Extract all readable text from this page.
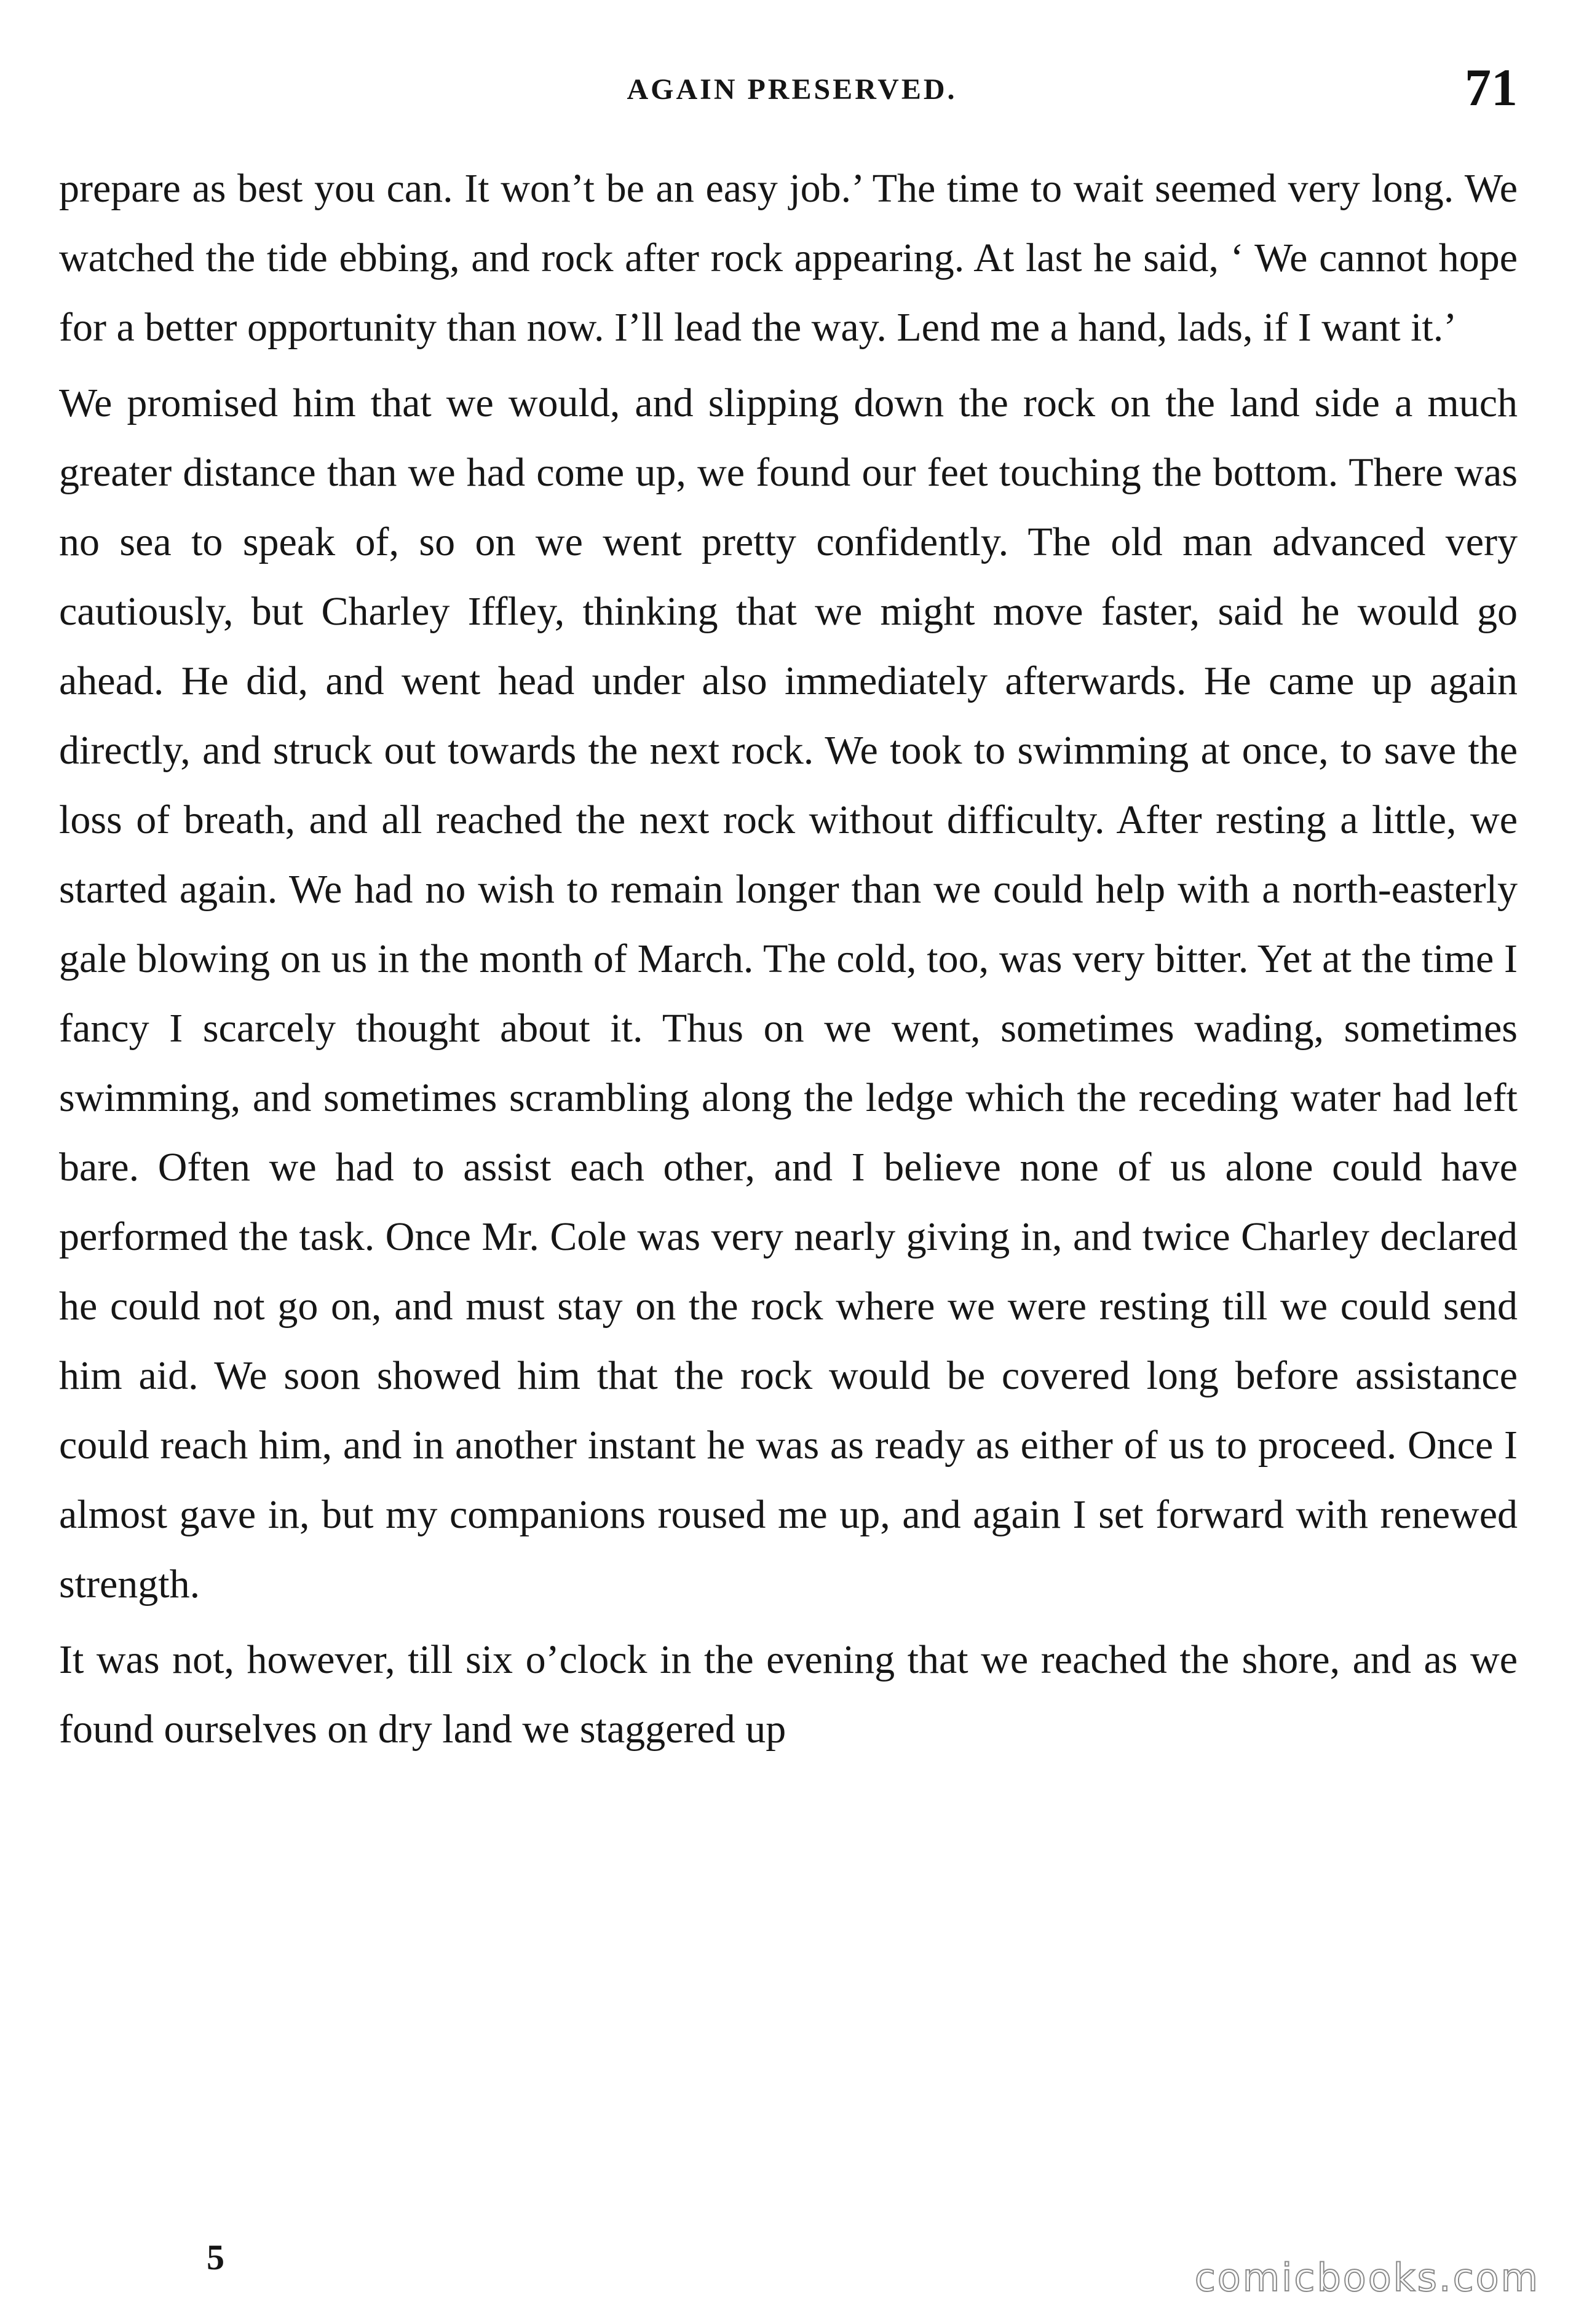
AGAIN PRESERVED.	71

prepare as best you can. It won’t be an easy job.’ The time to wait seemed very long. We watched the tide ebbing, and rock after rock appearing. At last he said, ‘ We cannot hope for a better opportunity than now. I’ll lead the way. Lend me a hand, lads, if I want it.’

We promised him that we would, and slipping down the rock on the land side a much greater distance than we had come up, we found our feet touching the bottom. There was no sea to speak of, so on we went pretty confidently. The old man advanced very cautiously, but Charley Iffley, thinking that we might move faster, said he would go ahead. He did, and went head under also immediately afterwards. He came up again directly, and struck out towards the next rock. We took to swimming at once, to save the loss of breath, and all reached the next rock without difficulty. After resting a little, we started again. We had no wish to remain longer than we could help with a north-easterly gale blowing on us in the month of March. The cold, too, was very bitter. Yet at the time I fancy I scarcely thought about it. Thus on we went, sometimes wading, sometimes swimming, and sometimes scrambling along the ledge which the receding water had left bare. Often we had to assist each other, and I believe none of us alone could have performed the task. Once Mr. Cole was very nearly giving in, and twice Charley declared he could not go on, and must stay on the rock where we were resting till we could send him aid. We soon showed him that the rock would be covered long before assistance could reach him, and in another instant he was as ready as either of us to proceed. Once I almost gave in, but my companions roused me up, and again I set forward with renewed strength.

It was not, however, till six o’clock in the evening that we reached the shore, and as we found ourselves on dry land we staggered up

5	comicbooks.com
